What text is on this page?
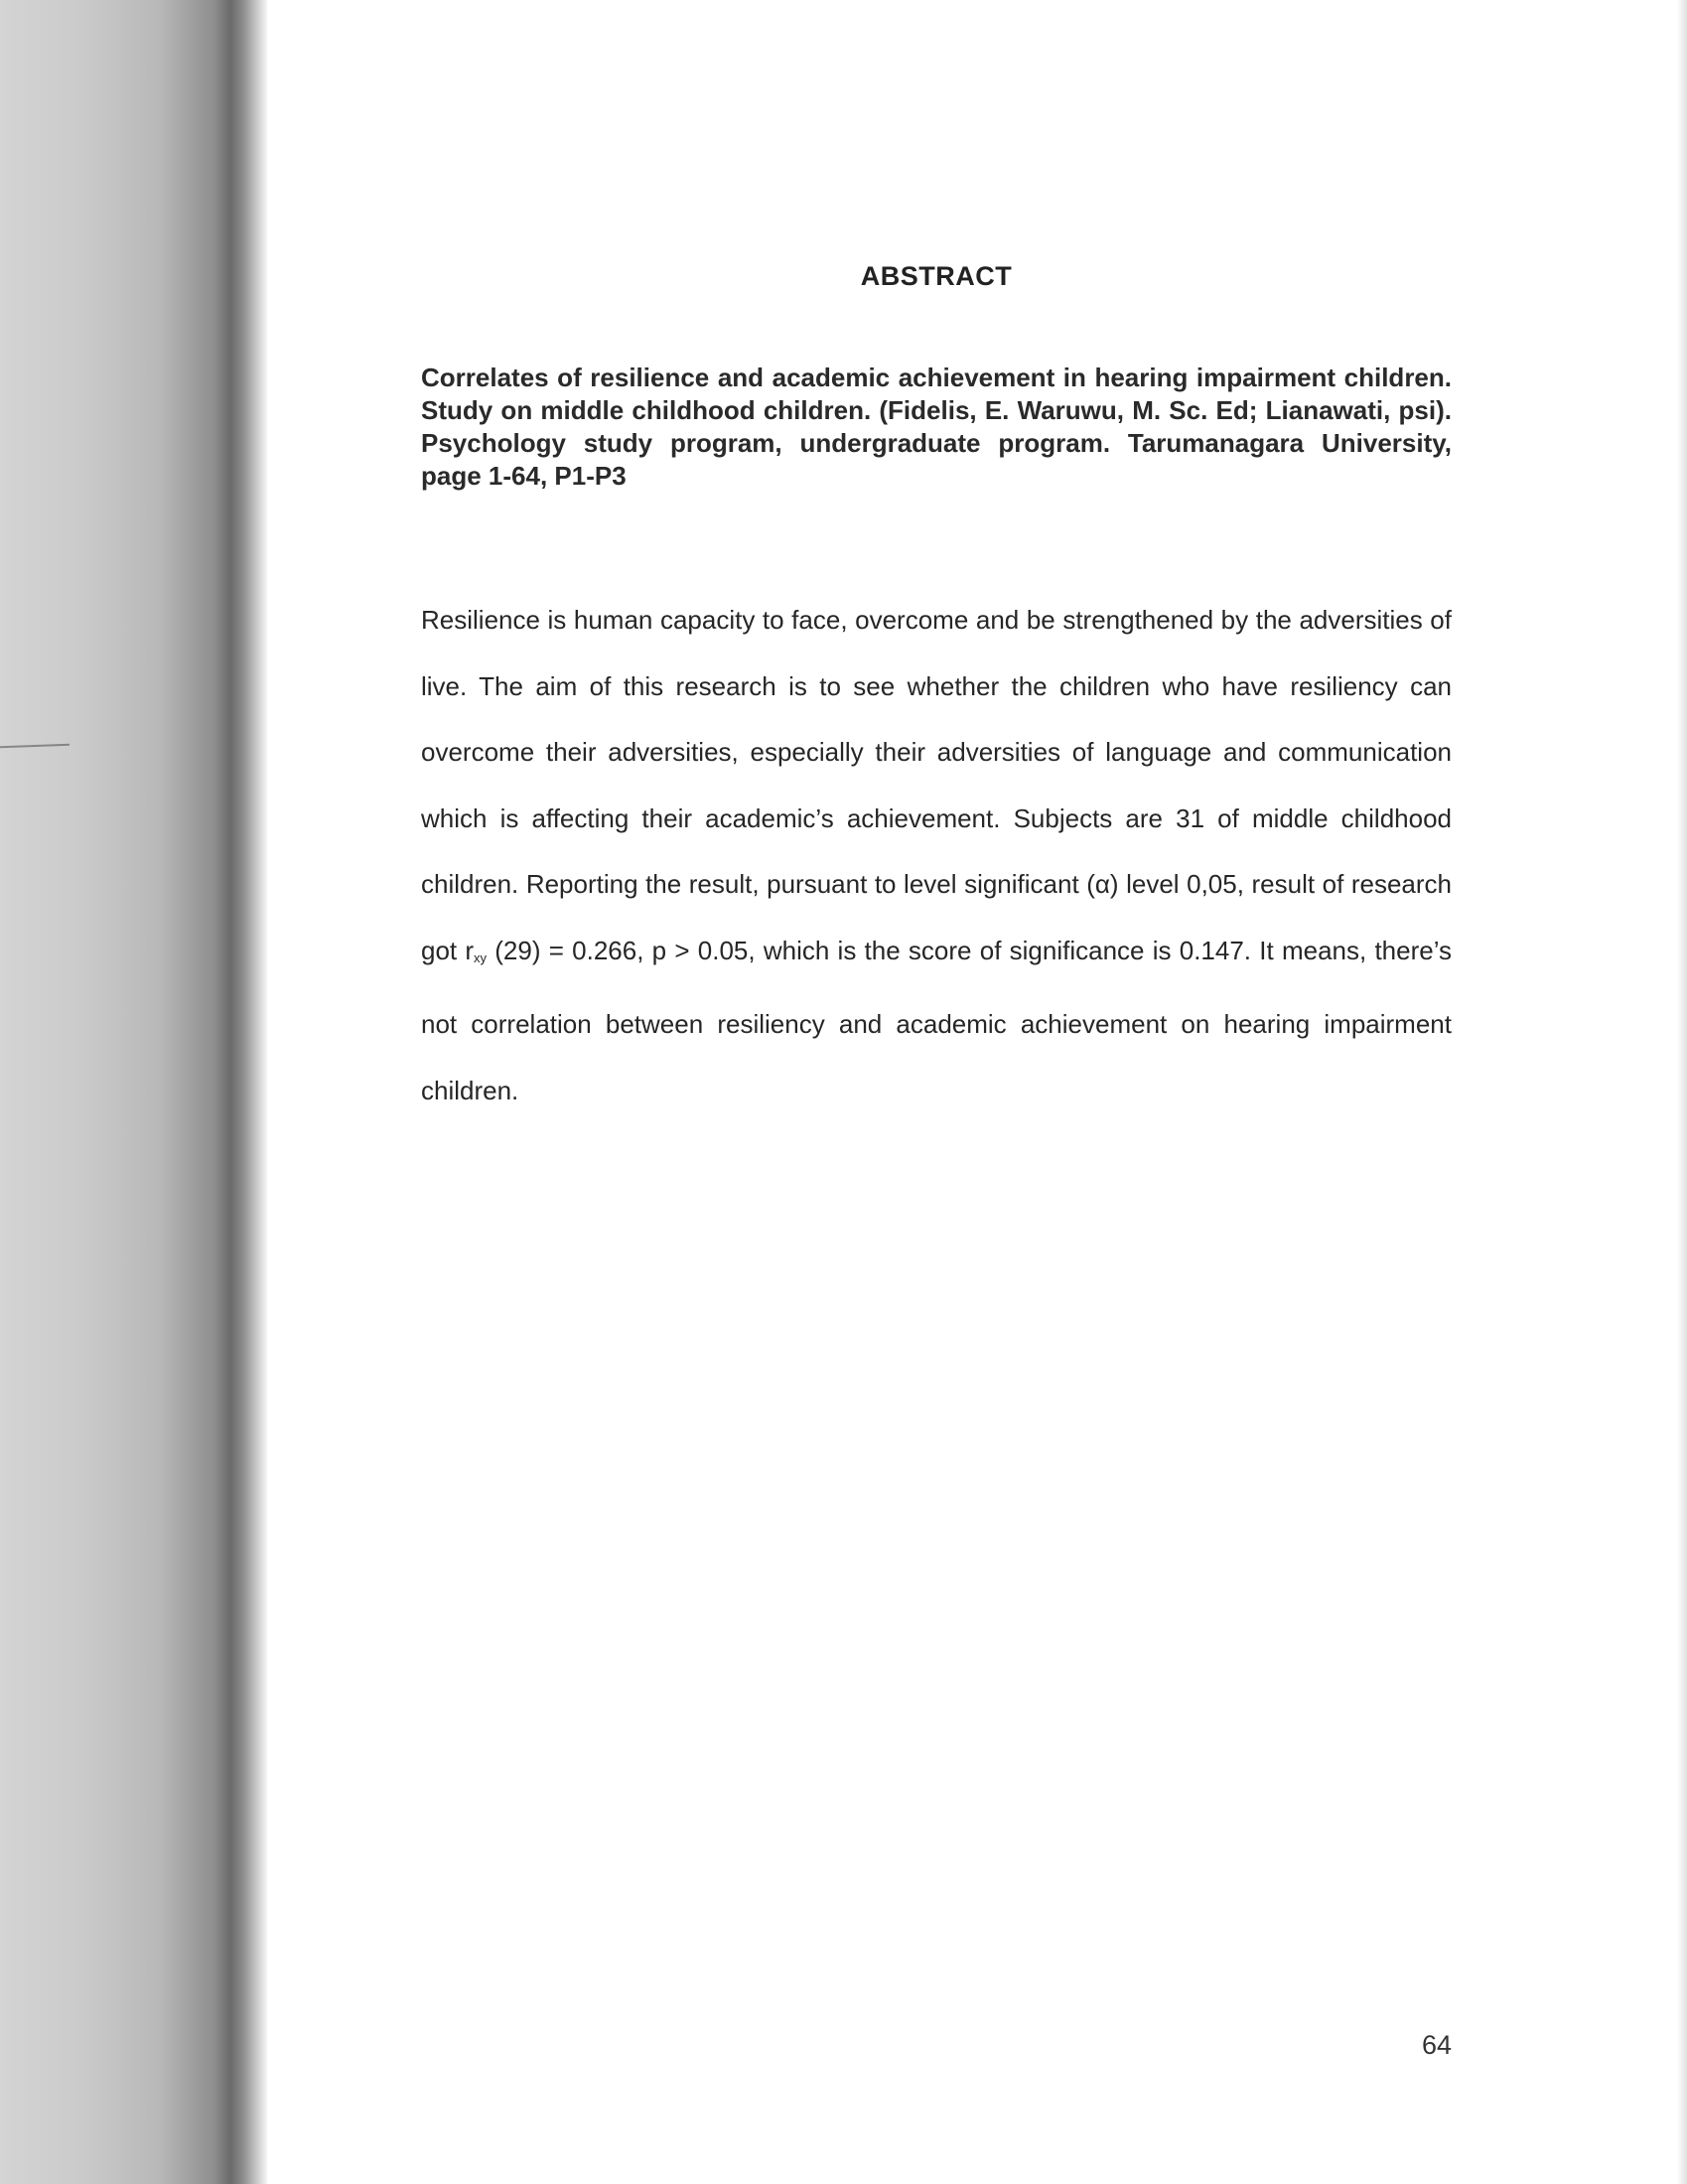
ABSTRACT

Correlates of resilience and academic achievement in hearing impairment children. Study on middle childhood children. (Fidelis, E. Waruwu, M. Sc. Ed; Lianawati, psi). Psychology study program, undergraduate program. Tarumanagara University, page 1-64, P1-P3

Resilience is human capacity to face, overcome and be strengthened by the adversities of live. The aim of this research is to see whether the children who have resiliency can overcome their adversities, especially their adversities of language and communication which is affecting their academic’s achievement. Subjects are 31 of middle childhood children. Reporting the result, pursuant to level significant (α) level 0,05, result of research got $r_{xy}$ (29) = 0.266, p > 0.05, which is the score of significance is 0.147. It means, there’s not correlation between resiliency and academic achievement on hearing impairment children.

64
